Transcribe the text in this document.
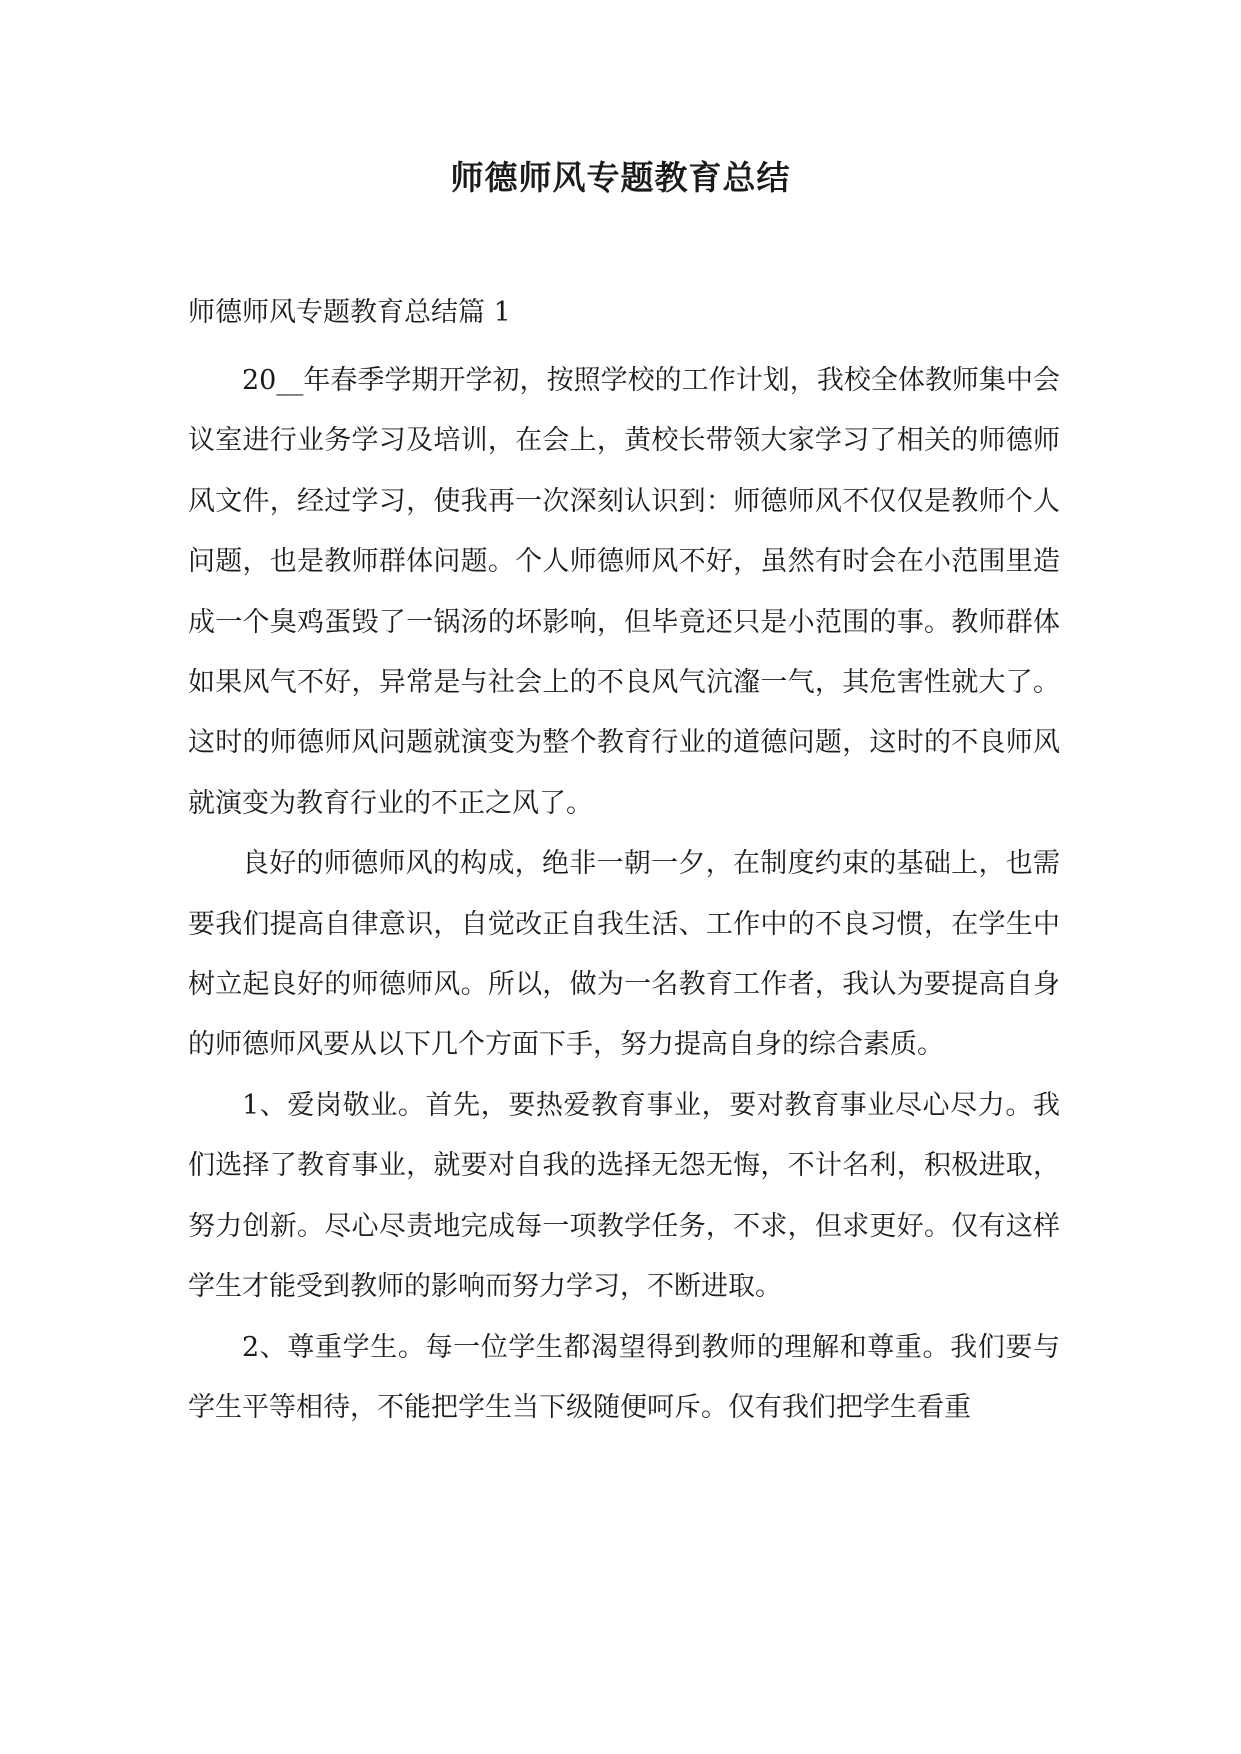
师德师风专题教育总结

师德师风专题教育总结篇 1

20__年春季学期开学初，按照学校的工作计划，我校全体教师集中会议室进行业务学习及培训，在会上，黄校长带领大家学习了相关的师德师风文件，经过学习，使我再一次深刻认识到：师德师风不仅仅是教师个人问题，也是教师群体问题。个人师德师风不好，虽然有时会在小范围里造成一个臭鸡蛋毁了一锅汤的坏影响，但毕竟还只是小范围的事。教师群体如果风气不好，异常是与社会上的不良风气沆瀣一气，其危害性就大了。这时的师德师风问题就演变为整个教育行业的道德问题，这时的不良师风就演变为教育行业的不正之风了。

良好的师德师风的构成，绝非一朝一夕，在制度约束的基础上，也需要我们提高自律意识，自觉改正自我生活、工作中的不良习惯，在学生中树立起良好的师德师风。所以，做为一名教育工作者，我认为要提高自身的师德师风要从以下几个方面下手，努力提高自身的综合素质。

1、爱岗敬业。首先，要热爱教育事业，要对教育事业尽心尽力。我们选择了教育事业，就要对自我的选择无怨无悔，不计名利，积极进取，努力创新。尽心尽责地完成每一项教学任务，不求，但求更好。仅有这样学生才能受到教师的影响而努力学习，不断进取。

2、尊重学生。每一位学生都渴望得到教师的理解和尊重。我们要与学生平等相待，不能把学生当下级随便呵斥。仅有我们把学生看重
